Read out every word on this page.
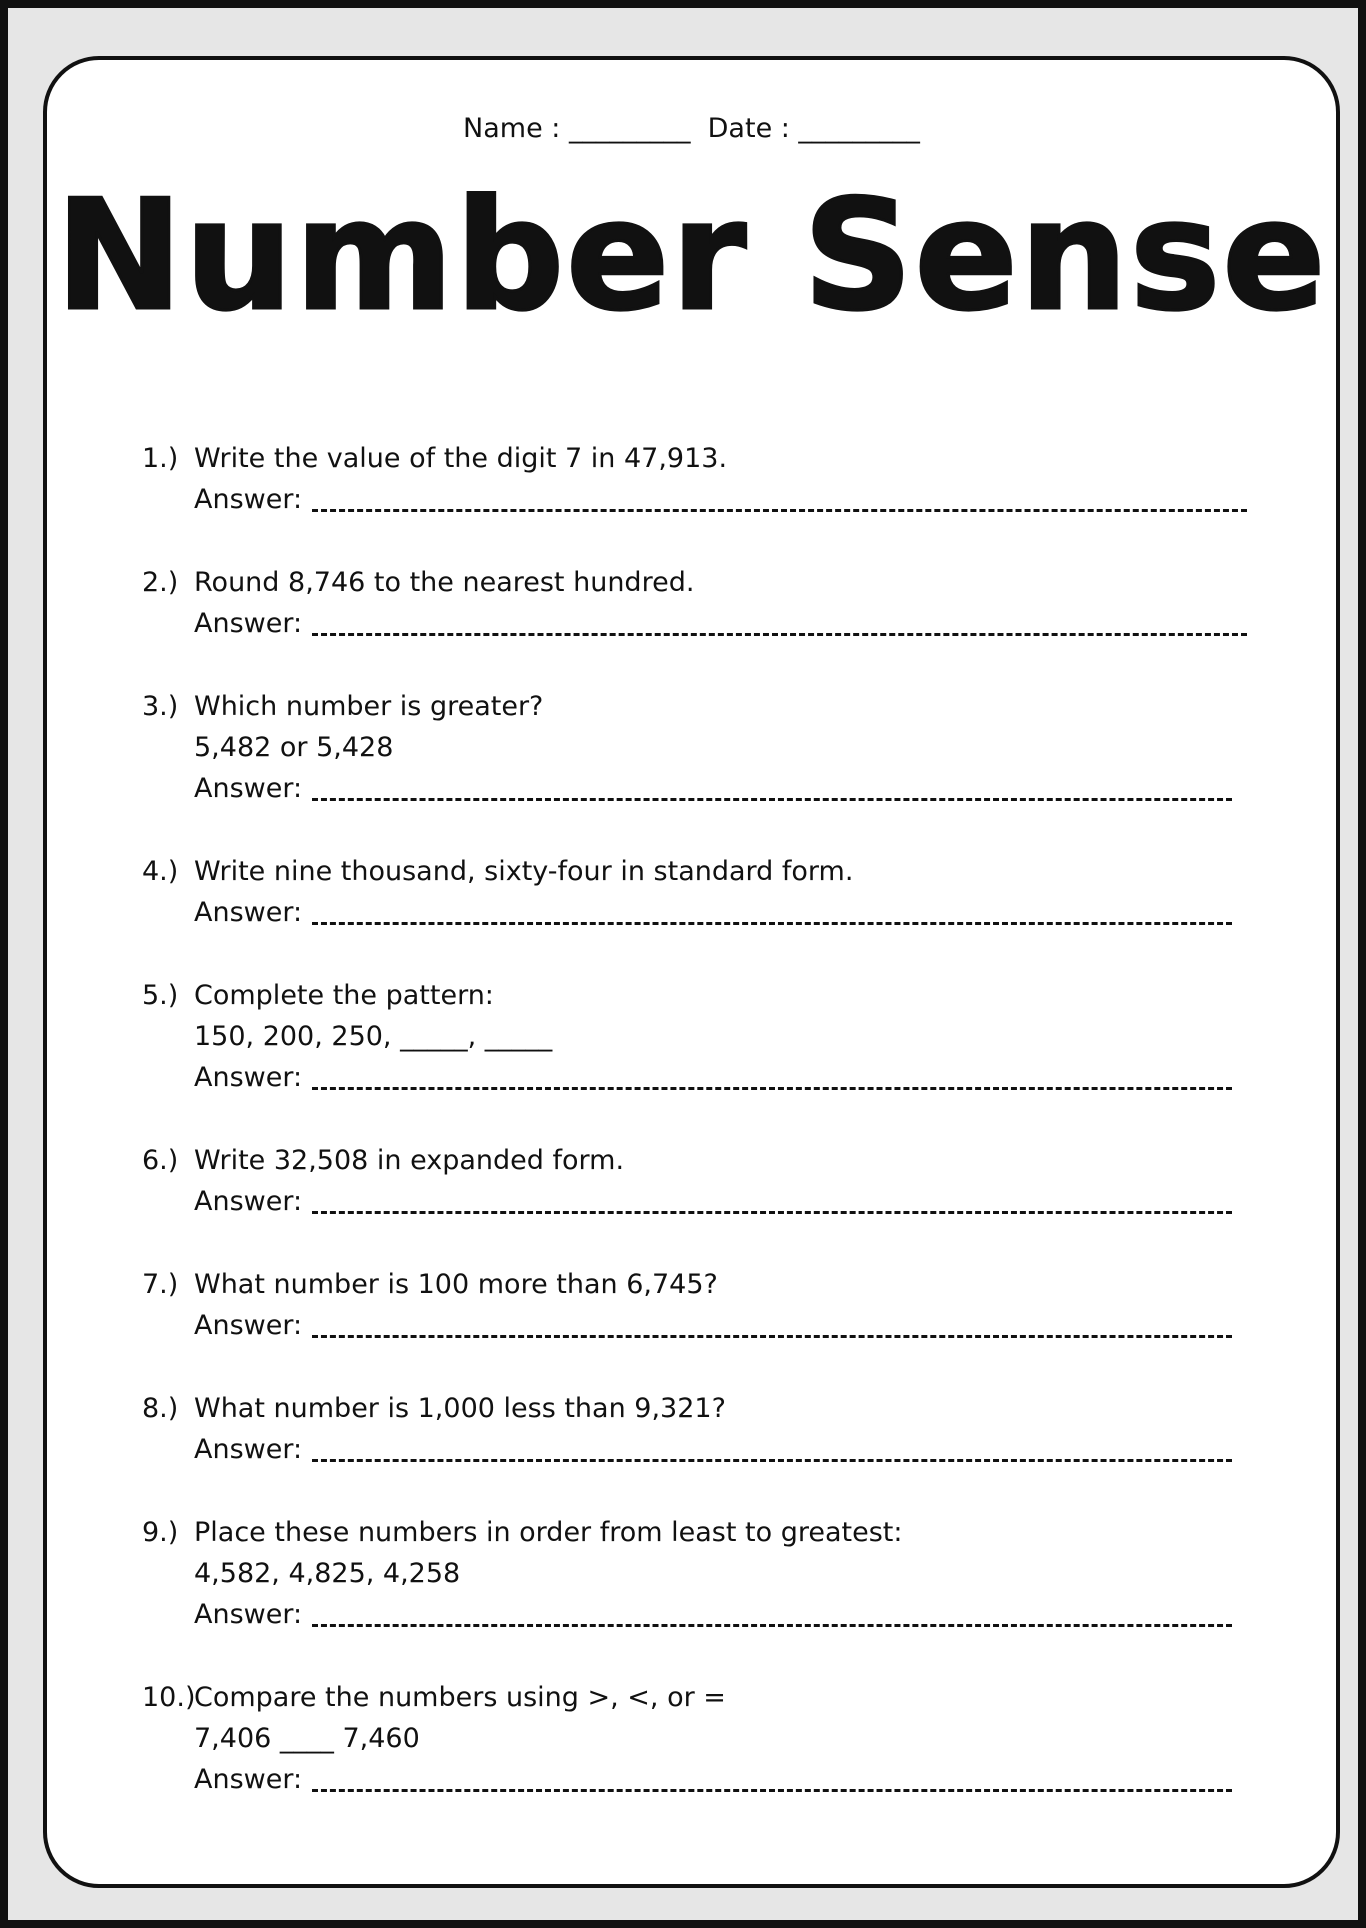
Name : _________ Date : _________
Number Sense
1.) Write the value of the digit 7 in 47,913.
Answer:
2.) Round 8,746 to the nearest hundred.
Answer:
3.) Which number is greater?
5,482 or 5,428
Answer:
4.) Write nine thousand, sixty-four in standard form.
Answer:
5.) Complete the pattern:
150, 200, 250, _____, _____
Answer:
6.) Write 32,508 in expanded form.
Answer:
7.) What number is 100 more than 6,745?
Answer:
8.) What number is 1,000 less than 9,321?
Answer:
9.) Place these numbers in order from least to greatest:
4,582, 4,825, 4,258
Answer:
10.)
Compare the numbers using >, <, or =
7,406 ____ 7,460
Answer:
